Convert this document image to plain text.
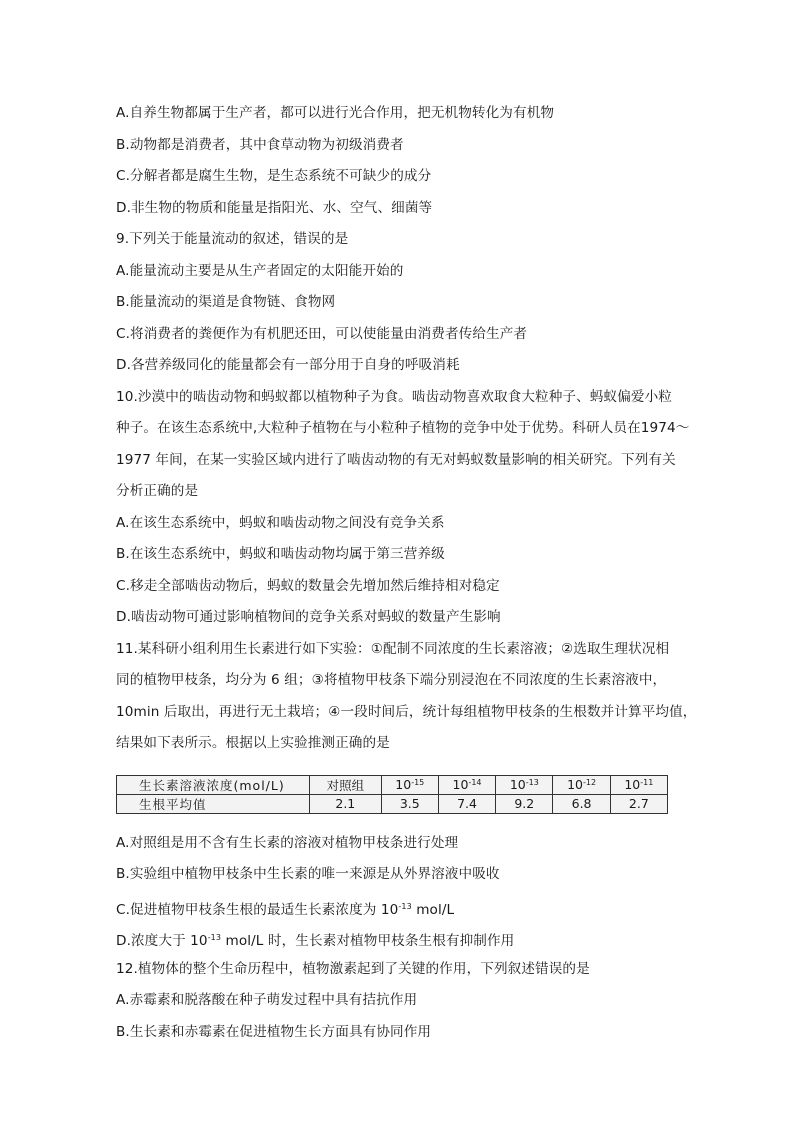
A.自养生物都属于生产者，都可以进行光合作用，把无机物转化为有机物
B.动物都是消费者，其中食草动物为初级消费者
C.分解者都是腐生生物，是生态系统不可缺少的成分
D.非生物的物质和能量是指阳光、水、空气、细菌等
9.下列关于能量流动的叙述，错误的是
A.能量流动主要是从生产者固定的太阳能开始的
B.能量流动的渠道是食物链、食物网
C.将消费者的粪便作为有机肥还田，可以使能量由消费者传给生产者
D.各营养级同化的能量都会有一部分用于自身的呼吸消耗
10.沙漠中的啮齿动物和蚂蚁都以植物种子为食。啮齿动物喜欢取食大粒种子、蚂蚁偏爱小粒
种子。在该生态系统中,大粒种子植物在与小粒种子植物的竞争中处于优势。科研人员在1974～
1977 年间，在某一实验区域内进行了啮齿动物的有无对蚂蚁数量影响的相关研究。下列有关
分析正确的是
A.在该生态系统中，蚂蚁和啮齿动物之间没有竞争关系
B.在该生态系统中，蚂蚁和啮齿动物均属于第三营养级
C.移走全部啮齿动物后，蚂蚁的数量会先增加然后维持相对稳定
D.啮齿动物可通过影响植物间的竞争关系对蚂蚁的数量产生影响
11.某科研小组利用生长素进行如下实验：①配制不同浓度的生长素溶液；②选取生理状况相
同的植物甲枝条，均分为 6 组；③将植物甲枝条下端分别浸泡在不同浓度的生长素溶液中，
10min 后取出，再进行无土栽培；④一段时间后，统计每组植物甲枝条的生根数并计算平均值，
结果如下表所示。根据以上实验推测正确的是
生长素溶液浓度(mol/L)	对照组	$10^{-15}$	$10^{-14}$	$10^{-13}$	$10^{-12}$	$10^{-11}$
生根平均值	2.1	3.5	7.4	9.2	6.8	2.7
A.对照组是用不含有生长素的溶液对植物甲枝条进行处理
B.实验组中植物甲枝条中生长素的唯一来源是从外界溶液中吸收
C.促进植物甲枝条生根的最适生长素浓度为 $10^{-13}$ mol/L
D.浓度大于 $10^{-13}$ mol/L 时，生长素对植物甲枝条生根有抑制作用
12.植物体的整个生命历程中，植物激素起到了关键的作用，下列叙述错误的是
A.赤霉素和脱落酸在种子萌发过程中具有拮抗作用
B.生长素和赤霉素在促进植物生长方面具有协同作用
